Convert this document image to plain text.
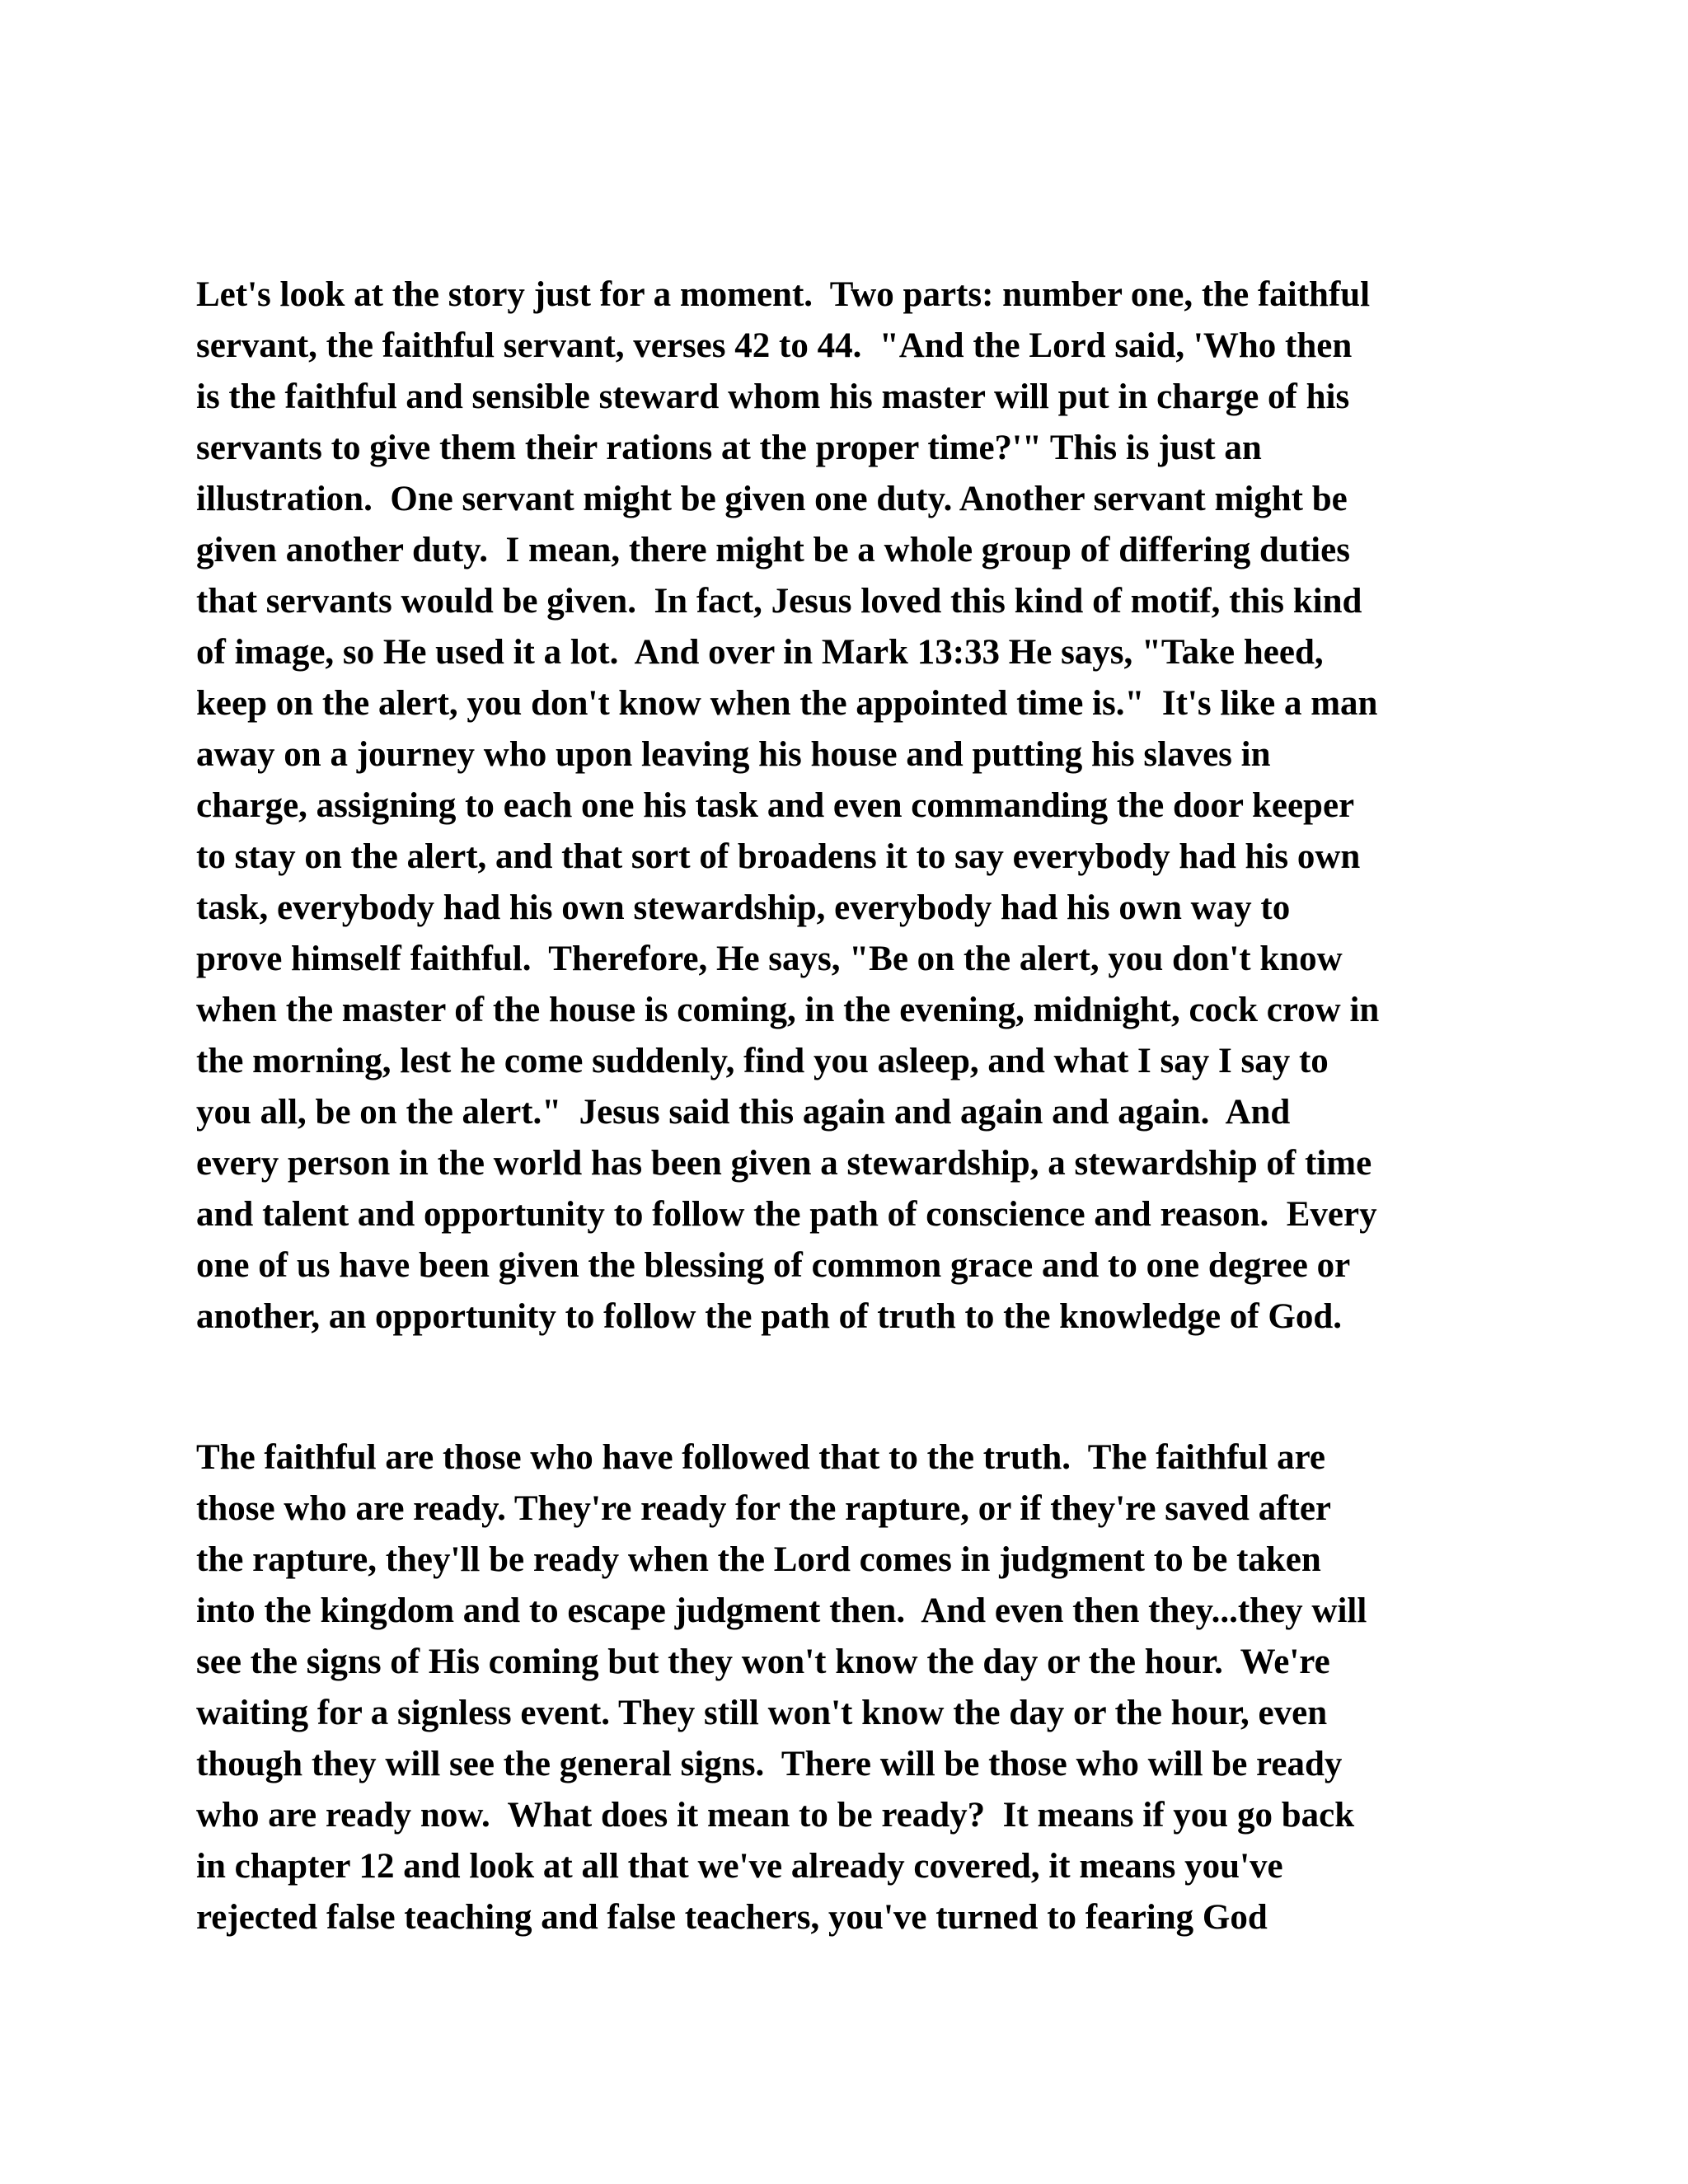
Let's look at the story just for a moment.  Two parts: number one, the faithful
servant, the faithful servant, verses 42 to 44.  "And the Lord said, 'Who then
is the faithful and sensible steward whom his master will put in charge of his
servants to give them their rations at the proper time?'" This is just an
illustration.  One servant might be given one duty. Another servant might be
given another duty.  I mean, there might be a whole group of differing duties
that servants would be given.  In fact, Jesus loved this kind of motif, this kind
of image, so He used it a lot.  And over in Mark 13:33 He says, "Take heed,
keep on the alert, you don't know when the appointed time is."  It's like a man
away on a journey who upon leaving his house and putting his slaves in
charge, assigning to each one his task and even commanding the door keeper
to stay on the alert, and that sort of broadens it to say everybody had his own
task, everybody had his own stewardship, everybody had his own way to
prove himself faithful.  Therefore, He says, "Be on the alert, you don't know
when the master of the house is coming, in the evening, midnight, cock crow in
the morning, lest he come suddenly, find you asleep, and what I say I say to
you all, be on the alert."  Jesus said this again and again and again.  And
every person in the world has been given a stewardship, a stewardship of time
and talent and opportunity to follow the path of conscience and reason.  Every
one of us have been given the blessing of common grace and to one degree or
another, an opportunity to follow the path of truth to the knowledge of God.
The faithful are those who have followed that to the truth.  The faithful are
those who are ready. They're ready for the rapture, or if they're saved after
the rapture, they'll be ready when the Lord comes in judgment to be taken
into the kingdom and to escape judgment then.  And even then they...they will
see the signs of His coming but they won't know the day or the hour.  We're
waiting for a signless event. They still won't know the day or the hour, even
though they will see the general signs.  There will be those who will be ready
who are ready now.  What does it mean to be ready?  It means if you go back
in chapter 12 and look at all that we've already covered, it means you've
rejected false teaching and false teachers, you've turned to fearing God
